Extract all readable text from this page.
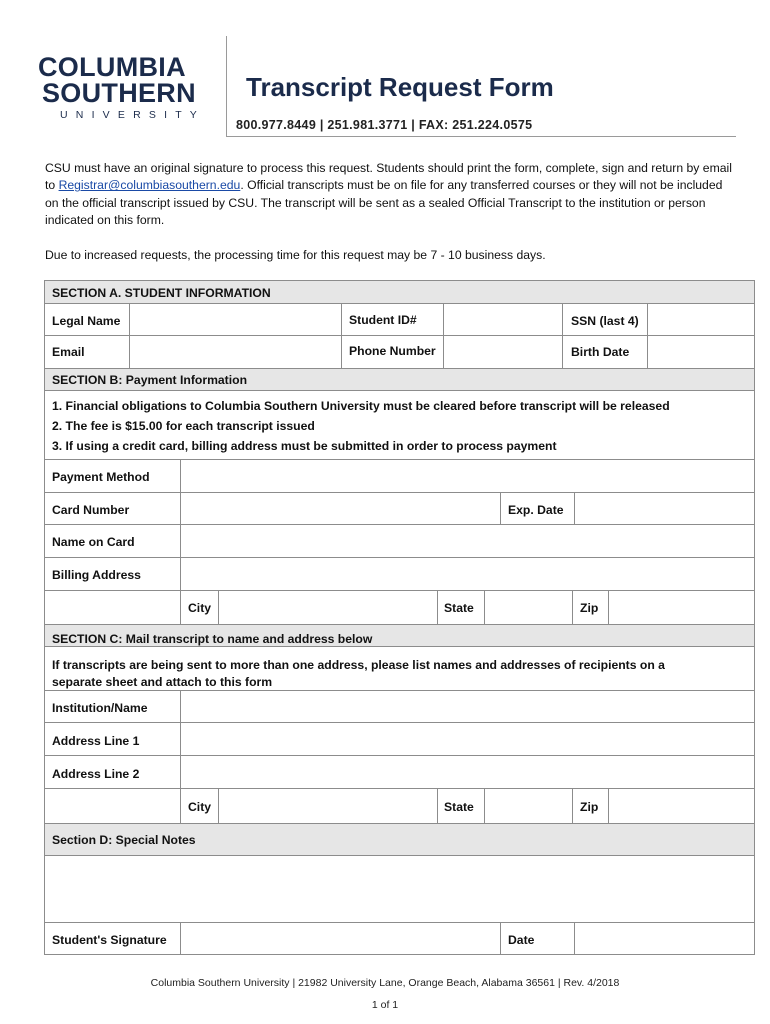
COLUMBIA
SOUTHERN
UNIVERSITY
Transcript Request Form
800.977.8449 | 251.981.3771 | FAX: 251.224.0575
CSU must have an original signature to process this request. Students should print the form, complete, sign and return by email to Registrar@columbiasouthern.edu. Official transcripts must be on file for any transferred courses or they will not be included on the official transcript issued by CSU. The transcript will be sent as a sealed Official Transcript to the institution or person indicated on this form.
Due to increased requests, the processing time for this request may be 7 - 10 business days.
SECTION A. STUDENT INFORMATION
Legal Name	Student ID#	SSN (last 4)
Email	Phone Number	Birth Date
SECTION B: Payment Information
1. Financial obligations to Columbia Southern University must be cleared before transcript will be released
2. The fee is $15.00 for each transcript issued
3. If using a credit card, billing address must be submitted in order to process payment
Payment Method
Card Number	Exp. Date
Name on Card
Billing Address
City	State	Zip
SECTION C: Mail transcript to name and address below
If transcripts are being sent to more than one address, please list names and addresses of recipients on a separate sheet and attach to this form
Institution/Name
Address Line 1
Address Line 2
City	State	Zip
Section D: Special Notes
Student's Signature	Date
Columbia Southern University | 21982 University Lane, Orange Beach, Alabama 36561 | Rev. 4/2018
1 of 1
